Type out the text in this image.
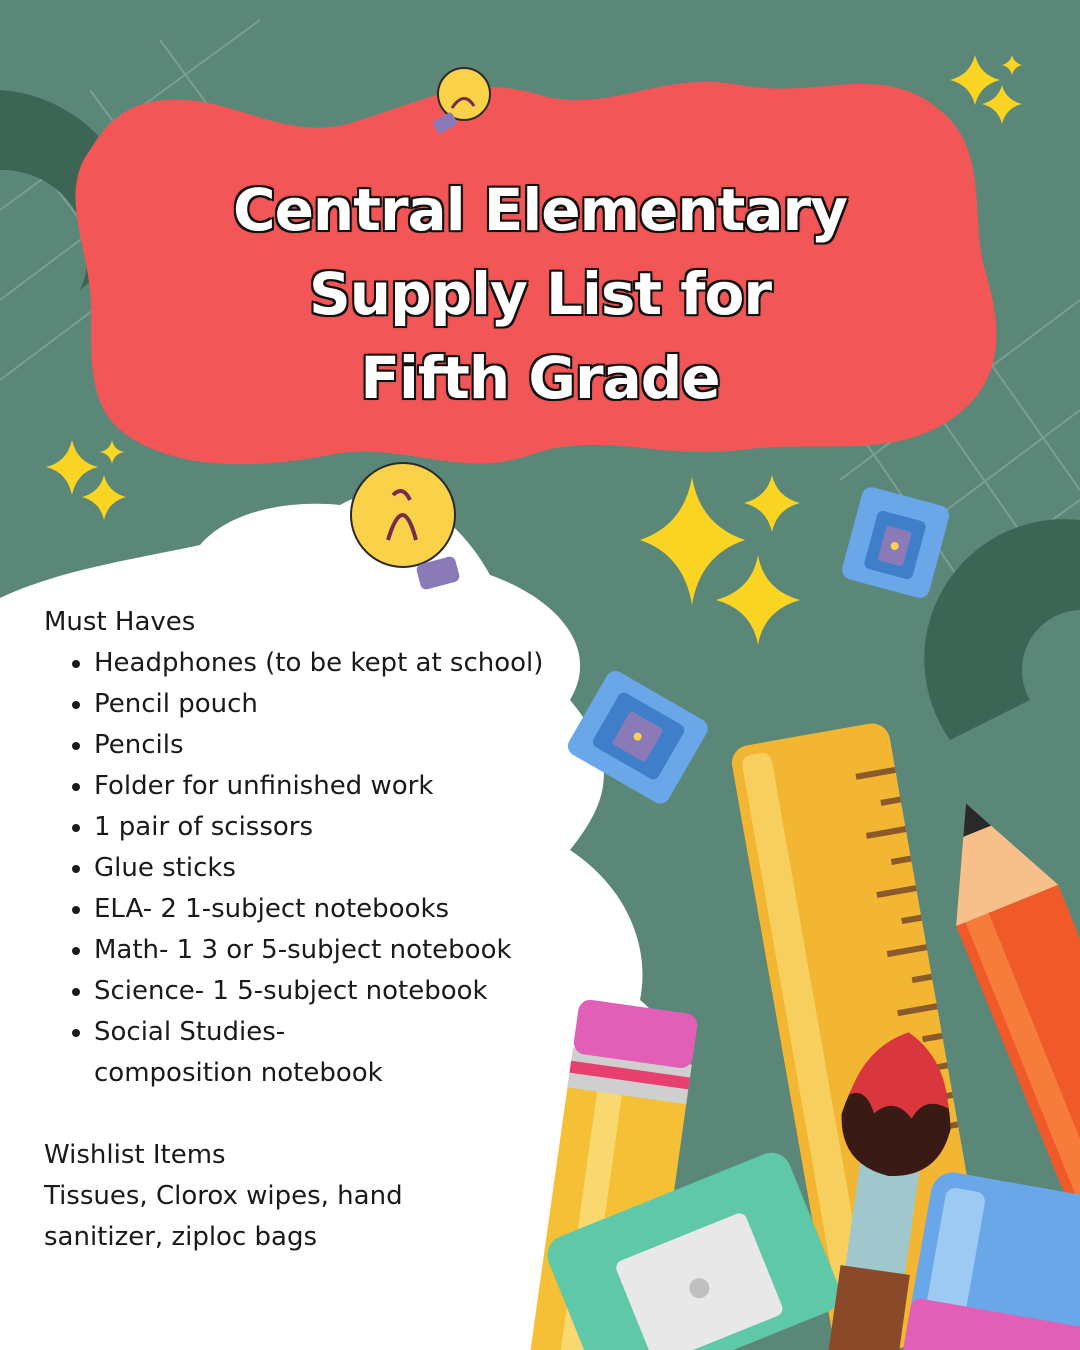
Central Elementary
Supply List for
Fifth Grade
Must Haves
• Headphones (to be kept at school)
• Pencil pouch
• Pencils
• Folder for unfinished work
• 1 pair of scissors
• Glue sticks
• ELA- 2 1-subject notebooks
• Math- 1 3 or 5-subject notebook
• Science- 1 5-subject notebook
• Social Studies- composition notebook
Wishlist Items
Tissues, Clorox wipes, hand sanitizer, ziploc bags
